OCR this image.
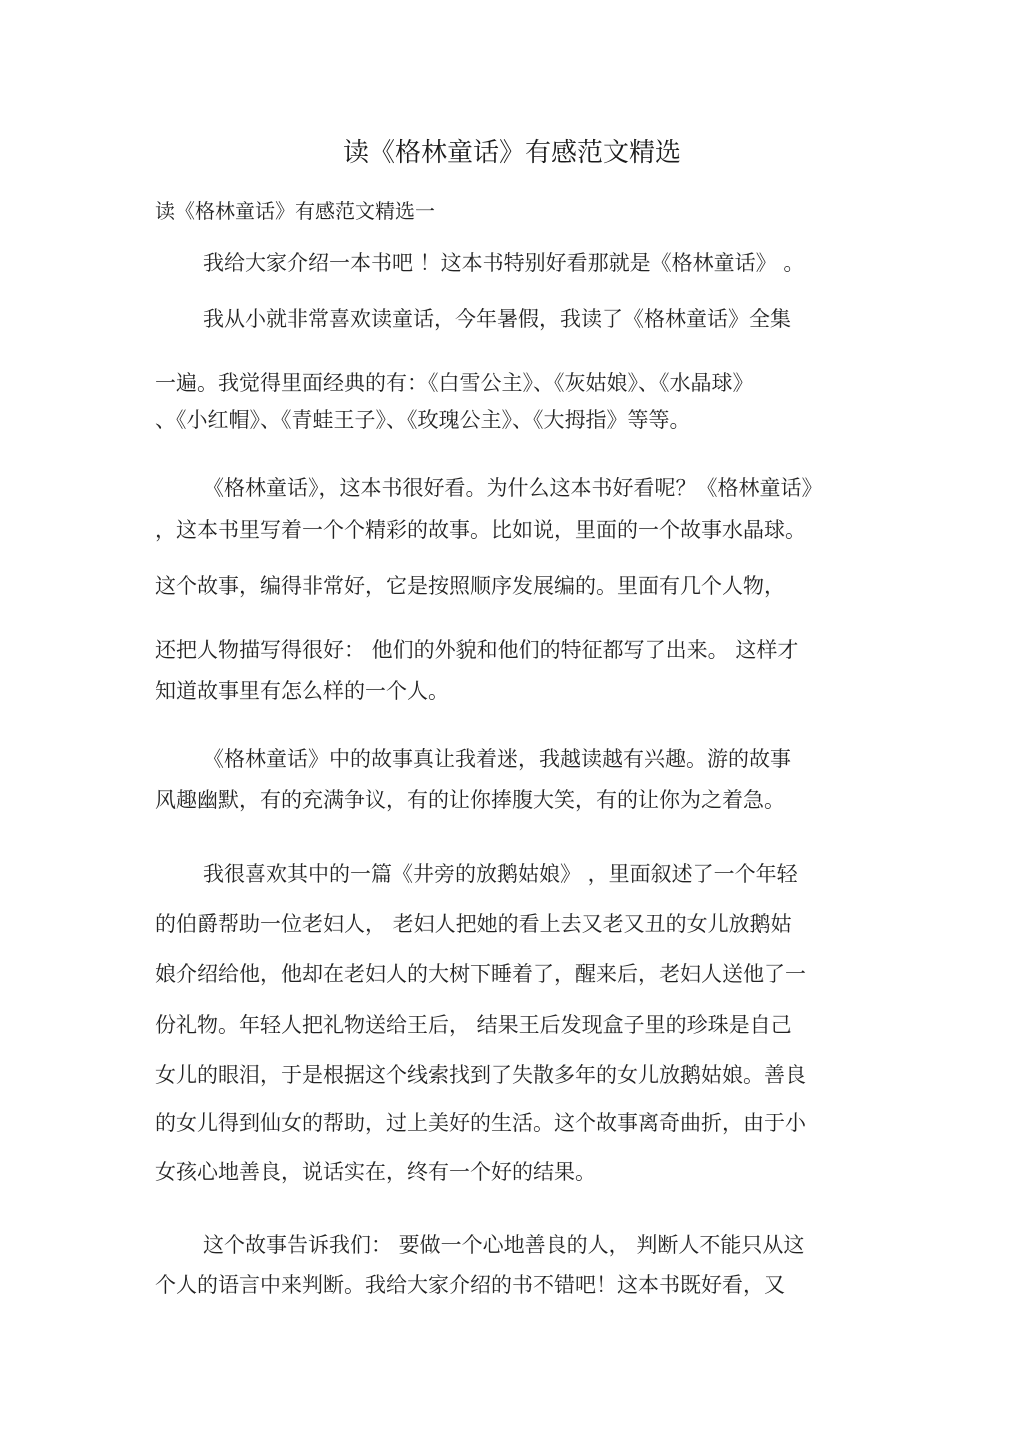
读《格林童话》有感范文精选
读《格林童话》有感范文精选一
我给大家介绍一本书吧 ！这本书特别好看那就是《格林童话》 。
我从小就非常喜欢读童话，今年暑假，我读了《格林童话》全集
一遍。我觉得里面经典的有：《白雪公主》、《灰姑娘》、《水晶球》
、《小红帽》、《青蛙王子》、《玫瑰公主》、《大拇指》等等。
《格林童话》，这本书很好看。为什么这本书好看呢？《格林童话》
，这本书里写着一个个精彩的故事。比如说，里面的一个故事水晶球。
这个故事，编得非常好，它是按照顺序发展编的。里面有几个人物，
还把人物描写得很好： 他们的外貌和他们的特征都写了出来。 这样才
知道故事里有怎么样的一个人。
《格林童话》中的故事真让我着迷，我越读越有兴趣。游的故事
风趣幽默，有的充满争议，有的让你捧腹大笑，有的让你为之着急。
我很喜欢其中的一篇《井旁的放鹅姑娘》 ，里面叙述了一个年轻
的伯爵帮助一位老妇人， 老妇人把她的看上去又老又丑的女儿放鹅姑
娘介绍给他，他却在老妇人的大树下睡着了，醒来后，老妇人送他了一
份礼物。年轻人把礼物送给王后， 结果王后发现盒子里的珍珠是自己
女儿的眼泪，于是根据这个线索找到了失散多年的女儿放鹅姑娘。善良
的女儿得到仙女的帮助，过上美好的生活。这个故事离奇曲折，由于小
女孩心地善良，说话实在，终有一个好的结果。
这个故事告诉我们： 要做一个心地善良的人， 判断人不能只从这
个人的语言中来判断。我给大家介绍的书不错吧！这本书既好看，又
